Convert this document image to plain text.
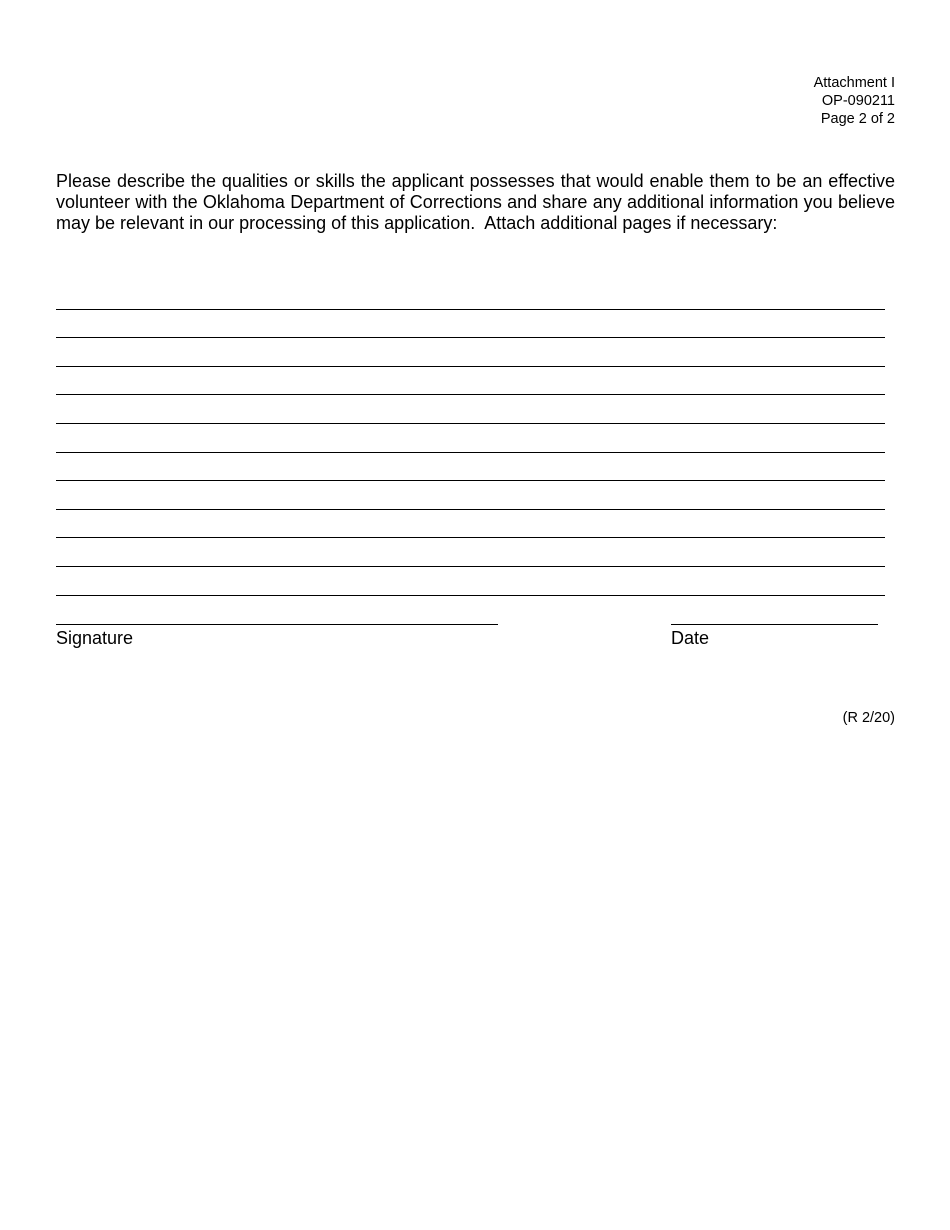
Attachment I
OP-090211
Page 2 of 2

Please describe the qualities or skills the applicant possesses that would enable them to be an effective volunteer with the Oklahoma Department of Corrections and share any additional information you believe may be relevant in our processing of this application.  Attach additional pages if necessary:

Signature	Date
(R 2/20)
